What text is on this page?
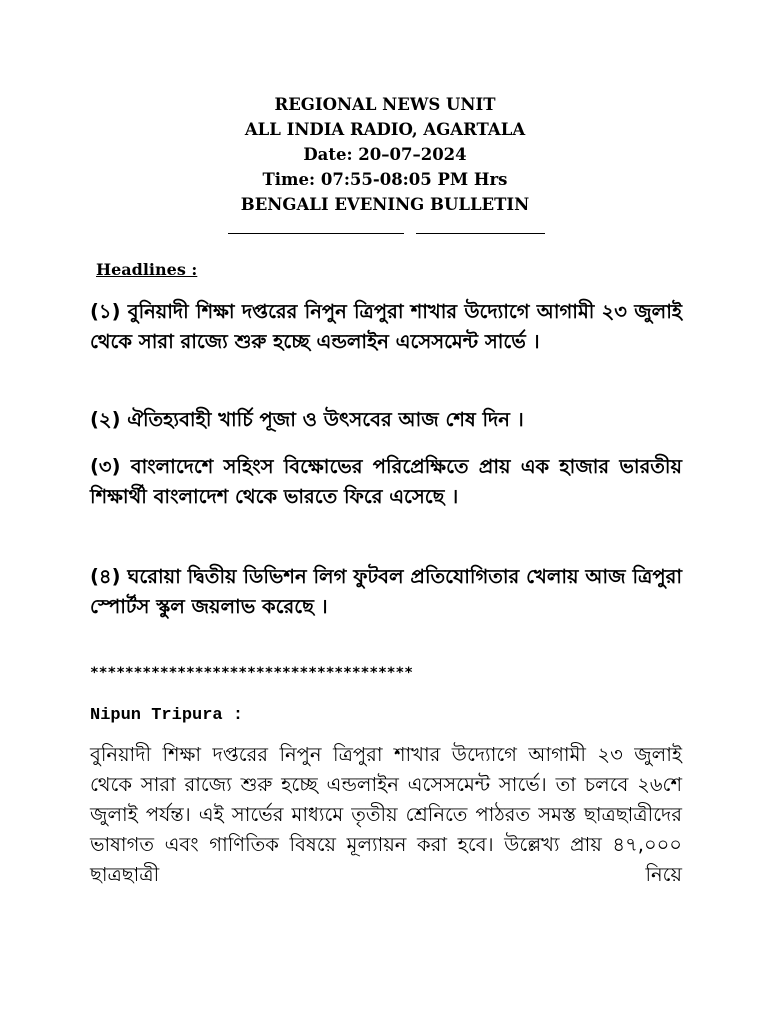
REGIONAL NEWS UNIT
ALL INDIA RADIO, AGARTALA
Date: 20–07–2024
Time: 07:55-08:05 PM Hrs
BENGALI EVENING BULLETIN
Headlines :
(১) বুনিয়াদী শিক্ষা দপ্তরের নিপুন ত্রিপুরা শাখার উদ্যোগে আগামী ২৩ জুলাই থেকে সারা রাজ্যে শুরু হচ্ছে এন্ডলাইন এসেসমেন্ট সার্ভে ।
(২) ঐতিহ্যবাহী খার্চি পূজা ও উৎসবের আজ শেষ দিন ।
(৩) বাংলাদেশে সহিংস বিক্ষোভের পরিপ্রেক্ষিতে প্রায় এক হাজার ভারতীয় শিক্ষার্থী বাংলাদেশ থেকে ভারতে ফিরে এসেছে ।
(৪) ঘরোয়া দ্বিতীয় ডিভিশন লিগ ফুটবল প্রতিযোগিতার খেলায় আজ ত্রিপুরা স্পোর্টস স্কুল জয়লাভ করেছে ।
*************************************
Nipun Tripura :
বুনিয়াদী শিক্ষা দপ্তরের নিপুন ত্রিপুরা শাখার উদ্যোগে আগামী ২৩ জুলাই থেকে সারা রাজ্যে শুরু হচ্ছে এন্ডলাইন এসেসমেন্ট সার্ভে। তা চলবে ২৬শে জুলাই পর্যন্ত। এই সার্ভের মাধ্যমে তৃতীয় শ্রেনিতে পাঠরত সমস্ত ছাত্রছাত্রীদের ভাষাগত এবং গাণিতিক বিষয়ে মূল্যায়ন করা হবে। উল্লেখ্য প্রায় ৪৭,০০০ ছাত্রছাত্রী নিয়ে
